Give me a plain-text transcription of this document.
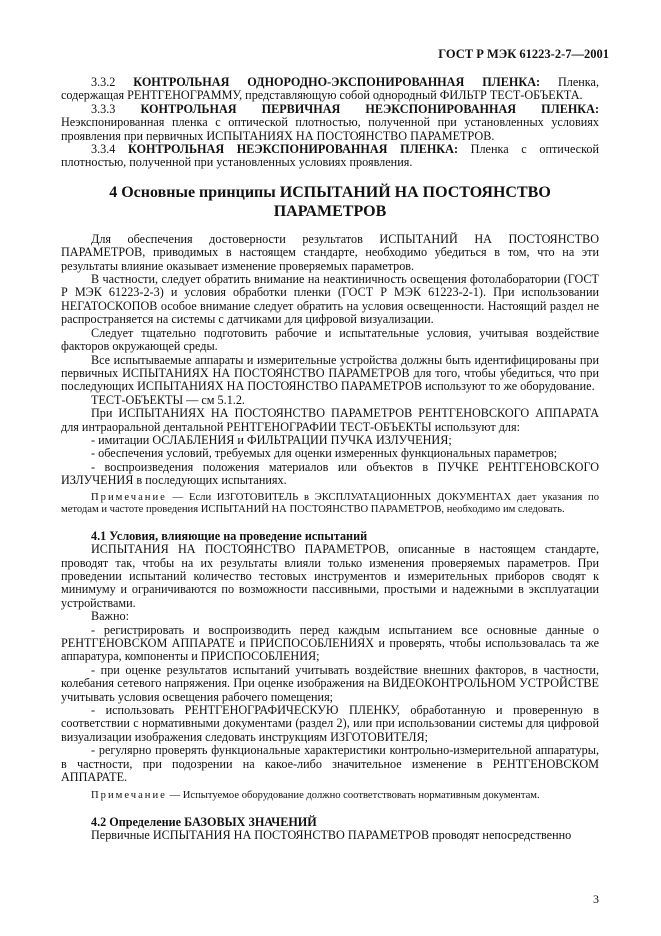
ГОСТ Р МЭК 61223-2-7—2001

3.3.2 КОНТРОЛЬНАЯ ОДНОРОДНО-ЭКСПОНИРОВАННАЯ ПЛЕНКА: Пленка, содержащая РЕНТГЕНОГРАММУ, представляющую собой однородный ФИЛЬТР ТЕСТ-ОБЪЕКТА.

3.3.3 КОНТРОЛЬНАЯ ПЕРВИЧНАЯ НЕЭКСПОНИРОВАННАЯ ПЛЕНКА: Неэкспонированная пленка с оптической плотностью, полученной при установленных условиях проявления при первичных ИСПЫТАНИЯХ НА ПОСТОЯНСТВО ПАРАМЕТРОВ.

3.3.4 КОНТРОЛЬНАЯ НЕЭКСПОНИРОВАННАЯ ПЛЕНКА: Пленка с оптической плотностью, полученной при установленных условиях проявления.

4 Основные принципы ИСПЫТАНИЙ НА ПОСТОЯНСТВО ПАРАМЕТРОВ

Для обеспечения достоверности результатов ИСПЫТАНИЙ НА ПОСТОЯНСТВО ПАРАМЕТРОВ, приводимых в настоящем стандарте, необходимо убедиться в том, что на эти результаты влияние оказывает изменение проверяемых параметров.

В частности, следует обратить внимание на неактиничность освещения фотолаборатории (ГОСТ Р МЭК 61223-2-3) и условия обработки пленки (ГОСТ Р МЭК 61223-2-1). При использовании НЕГАТОСКОПОВ особое внимание следует обратить на условия освещенности. Настоящий раздел не распространяется на системы с датчиками для цифровой визуализации.

Следует тщательно подготовить рабочие и испытательные условия, учитывая воздействие факторов окружающей среды.

Все испытываемые аппараты и измерительные устройства должны быть идентифицированы при первичных ИСПЫТАНИЯХ НА ПОСТОЯНСТВО ПАРАМЕТРОВ для того, чтобы убедиться, что при последующих ИСПЫТАНИЯХ НА ПОСТОЯНСТВО ПАРАМЕТРОВ используют то же оборудование.

ТЕСТ-ОБЪЕКТЫ — см 5.1.2.

При ИСПЫТАНИЯХ НА ПОСТОЯНСТВО ПАРАМЕТРОВ РЕНТГЕНОВСКОГО АППАРАТА для интраоральной дентальной РЕНТГЕНОГРАФИИ ТЕСТ-ОБЪЕКТЫ используют для:

- имитации ОСЛАБЛЕНИЯ и ФИЛЬТРАЦИИ ПУЧКА ИЗЛУЧЕНИЯ;

- обеспечения условий, требуемых для оценки измеренных функциональных параметров;

- воспроизведения положения материалов или объектов в ПУЧКЕ РЕНТГЕНОВСКОГО ИЗЛУЧЕНИЯ в последующих испытаниях.

Примечание — Если ИЗГОТОВИТЕЛЬ в ЭКСПЛУАТАЦИОННЫХ ДОКУМЕНТАХ дает указания по методам и частоте проведения ИСПЫТАНИЙ НА ПОСТОЯНСТВО ПАРАМЕТРОВ, необходимо им следовать.

4.1 Условия, влияющие на проведение испытаний

ИСПЫТАНИЯ НА ПОСТОЯНСТВО ПАРАМЕТРОВ, описанные в настоящем стандарте, проводят так, чтобы на их результаты влияли только изменения проверяемых параметров. При проведении испытаний количество тестовых инструментов и измерительных приборов сводят к минимуму и ограничиваются по возможности пассивными, простыми и надежными в эксплуатации устройствами.

Важно:

- регистрировать и воспроизводить перед каждым испытанием все основные данные о РЕНТГЕНОВСКОМ АППАРАТЕ и ПРИСПОСОБЛЕНИЯХ и проверять, чтобы использовалась та же аппаратура, компоненты и ПРИСПОСОБЛЕНИЯ;

- при оценке результатов испытаний учитывать воздействие внешних факторов, в частности, колебания сетевого напряжения. При оценке изображения на ВИДЕОКОНТРОЛЬНОМ УСТРОЙСТВЕ учитывать условия освещения рабочего помещения;

- использовать РЕНТГЕНОГРАФИЧЕСКУЮ ПЛЕНКУ, обработанную и проверенную в соответствии с нормативными документами (раздел 2), или при использовании системы для цифровой визуализации изображения следовать инструкциям ИЗГОТОВИТЕЛЯ;

- регулярно проверять функциональные характеристики контрольно-измерительной аппаратуры, в частности, при подозрении на какое-либо значительное изменение в РЕНТГЕНОВСКОМ АППАРАТЕ.

Примечание — Испытуемое оборудование должно соответствовать нормативным документам.

4.2 Определение БАЗОВЫХ ЗНАЧЕНИЙ

Первичные ИСПЫТАНИЯ НА ПОСТОЯНСТВО ПАРАМЕТРОВ проводят непосредственно

3
